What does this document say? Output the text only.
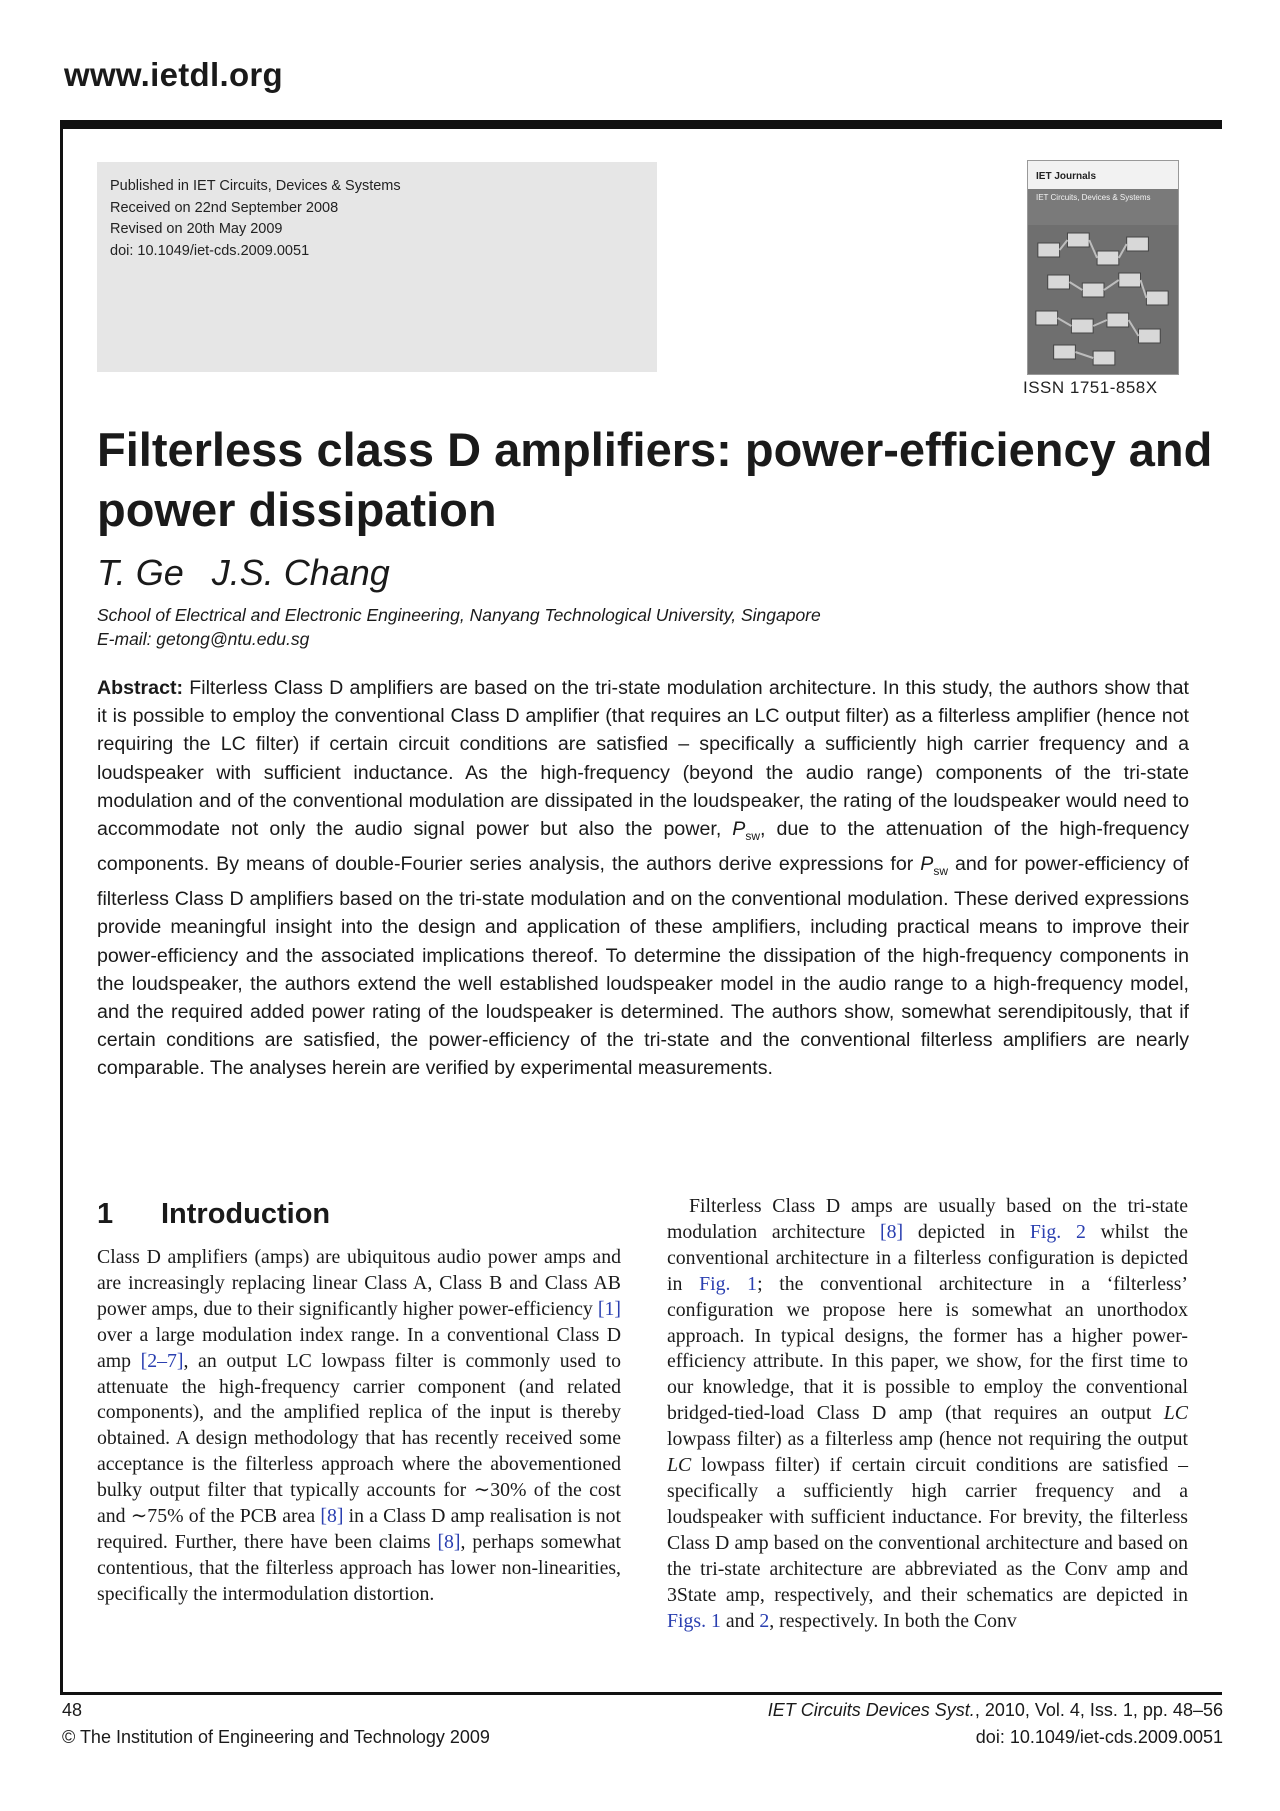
www.ietdl.org
Published in IET Circuits, Devices & Systems
Received on 22nd September 2008
Revised on 20th May 2009
doi: 10.1049/iet-cds.2009.0051
IET Journals
IET Circuits, Devices & Systems
ISSN 1751-858X
Filterless class D amplifiers: power-efficiency and power dissipation
T. Ge J.S. Chang
School of Electrical and Electronic Engineering, Nanyang Technological University, Singapore
E-mail: getong@ntu.edu.sg

Abstract: Filterless Class D amplifiers are based on the tri-state modulation architecture. In this study, the authors show that it is possible to employ the conventional Class D amplifier (that requires an LC output filter) as a filterless amplifier (hence not requiring the LC filter) if certain circuit conditions are satisfied – specifically a sufficiently high carrier frequency and a loudspeaker with sufficient inductance. As the high-frequency (beyond the audio range) components of the tri-state modulation and of the conventional modulation are dissipated in the loudspeaker, the rating of the loudspeaker would need to accommodate not only the audio signal power but also the power, $P_{sw}$, due to the attenuation of the high-frequency components. By means of double-Fourier series analysis, the authors derive expressions for $P_{sw}$ and for power-efficiency of filterless Class D amplifiers based on the tri-state modulation and on the conventional modulation. These derived expressions provide meaningful insight into the design and application of these amplifiers, including practical means to improve their power-efficiency and the associated implications thereof. To determine the dissipation of the high-frequency components in the loudspeaker, the authors extend the well established loudspeaker model in the audio range to a high-frequency model, and the required added power rating of the loudspeaker is determined. The authors show, somewhat serendipitously, that if certain conditions are satisfied, the power-efficiency of the tri-state and the conventional filterless amplifiers are nearly comparable. The analyses herein are verified by experimental measurements.

1 Introduction

Class D amplifiers (amps) are ubiquitous audio power amps and are increasingly replacing linear Class A, Class B and Class AB power amps, due to their significantly higher power-efficiency [1] over a large modulation index range. In a conventional Class D amp [2–7], an output LC lowpass filter is commonly used to attenuate the high-frequency carrier component (and related components), and the amplified replica of the input is thereby obtained. A design methodology that has recently received some acceptance is the filterless approach where the abovementioned bulky output filter that typically accounts for ∼30% of the cost and ∼75% of the PCB area [8] in a Class D amp realisation is not required. Further, there have been claims [8], perhaps somewhat contentious, that the filterless approach has lower non-linearities, specifically the intermodulation distortion.

Filterless Class D amps are usually based on the tri-state modulation architecture [8] depicted in Fig. 2 whilst the conventional architecture in a filterless configuration is depicted in Fig. 1; the conventional architecture in a ‘filterless’ configuration we propose here is somewhat an unorthodox approach. In typical designs, the former has a higher power-efficiency attribute. In this paper, we show, for the first time to our knowledge, that it is possible to employ the conventional bridged-tied-load Class D amp (that requires an output LC lowpass filter) as a filterless amp (hence not requiring the output LC lowpass filter) if certain circuit conditions are satisfied – specifically a sufficiently high carrier frequency and a loudspeaker with sufficient inductance. For brevity, the filterless Class D amp based on the conventional architecture and based on the tri-state architecture are abbreviated as the Conv amp and 3State amp, respectively, and their schematics are depicted in Figs. 1 and 2, respectively. In both the Conv

48
© The Institution of Engineering and Technology 2009
IET Circuits Devices Syst., 2010, Vol. 4, Iss. 1, pp. 48–56
doi: 10.1049/iet-cds.2009.0051
